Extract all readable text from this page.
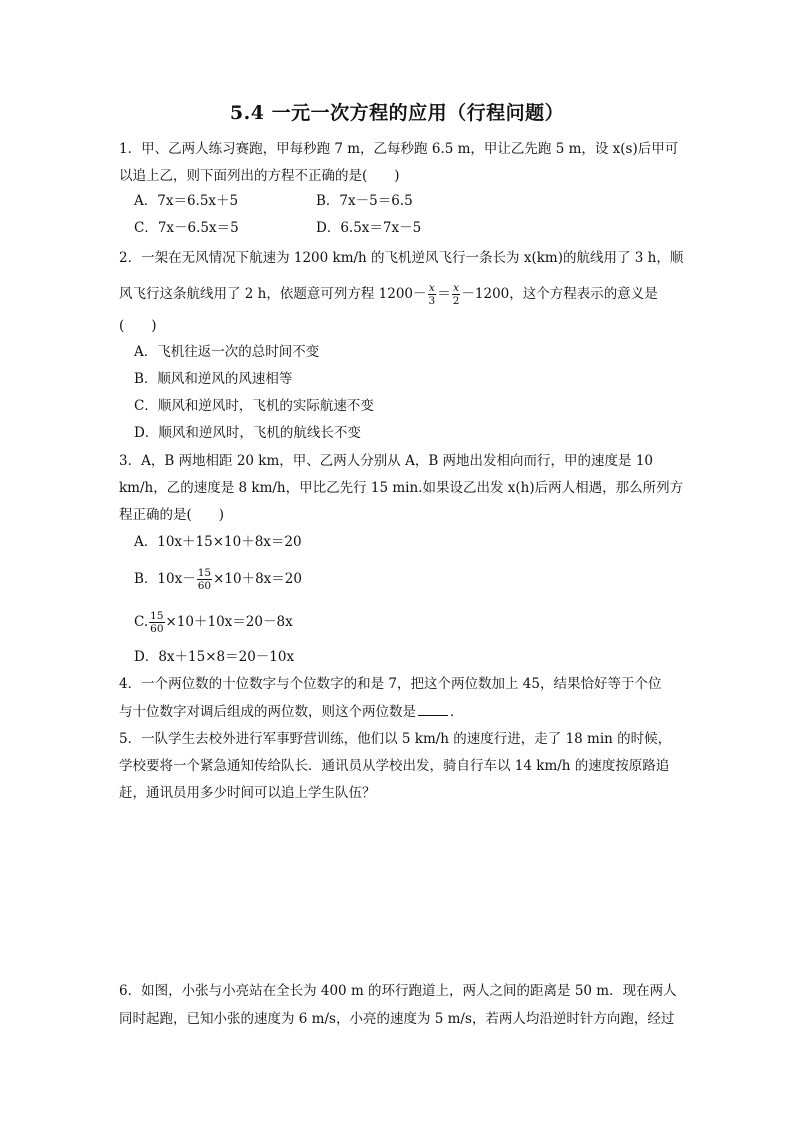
5.4 一元一次方程的应用（行程问题）
1．甲、乙两人练习赛跑，甲每秒跑 7 m，乙每秒跑 6.5 m，甲让乙先跑 5 m，设 x(s)后甲可
以追上乙，则下面列出的方程不正确的是(　　)
A．7x＝6.5x＋5	B．7x－5＝6.5
C．7x－6.5x＝5	D．6.5x＝7x－5
2．一架在无风情况下航速为 1200 km/h 的飞机逆风飞行一条长为 x(km)的航线用了 3 h，顺
风飞行这条航线用了 2 h，依题意可列方程 $1200- \frac{x}{3} = \frac{x}{2} -1200$，这个方程表示的意义是
(　　)
A．飞机往返一次的总时间不变
B．顺风和逆风的风速相等
C．顺风和逆风时，飞机的实际航速不变
D．顺风和逆风时，飞机的航线长不变
3．A，B 两地相距 20 km，甲、乙两人分别从 A，B 两地出发相向而行，甲的速度是 10
km/h，乙的速度是 8 km/h，甲比乙先行 15 min.如果设乙出发 x(h)后两人相遇，那么所列方
程正确的是(　　)
A．10x＋15×10＋8x＝20
B．$10x- \frac{15}{60} \times 10+8x=20$
C. $\frac{15}{60} \times 10+10x=20-8x$
D．8x＋15×8＝20－10x
4．一个两位数的十位数字与个位数字的和是 7，把这个两位数加上 45，结果恰好等于个位
与十位数字对调后组成的两位数，则这个两位数是	．
5．一队学生去校外进行军事野营训练，他们以 5 km/h 的速度行进，走了 18 min 的时候，
学校要将一个紧急通知传给队长．通讯员从学校出发，骑自行车以 14 km/h 的速度按原路追
赶，通讯员用多少时间可以追上学生队伍？
6．如图，小张与小亮站在全长为 400 m 的环行跑道上，两人之间的距离是 50 m．现在两人
同时起跑，已知小张的速度为 6 m/s，小亮的速度为 5 m/s，若两人均沿逆时针方向跑，经过
